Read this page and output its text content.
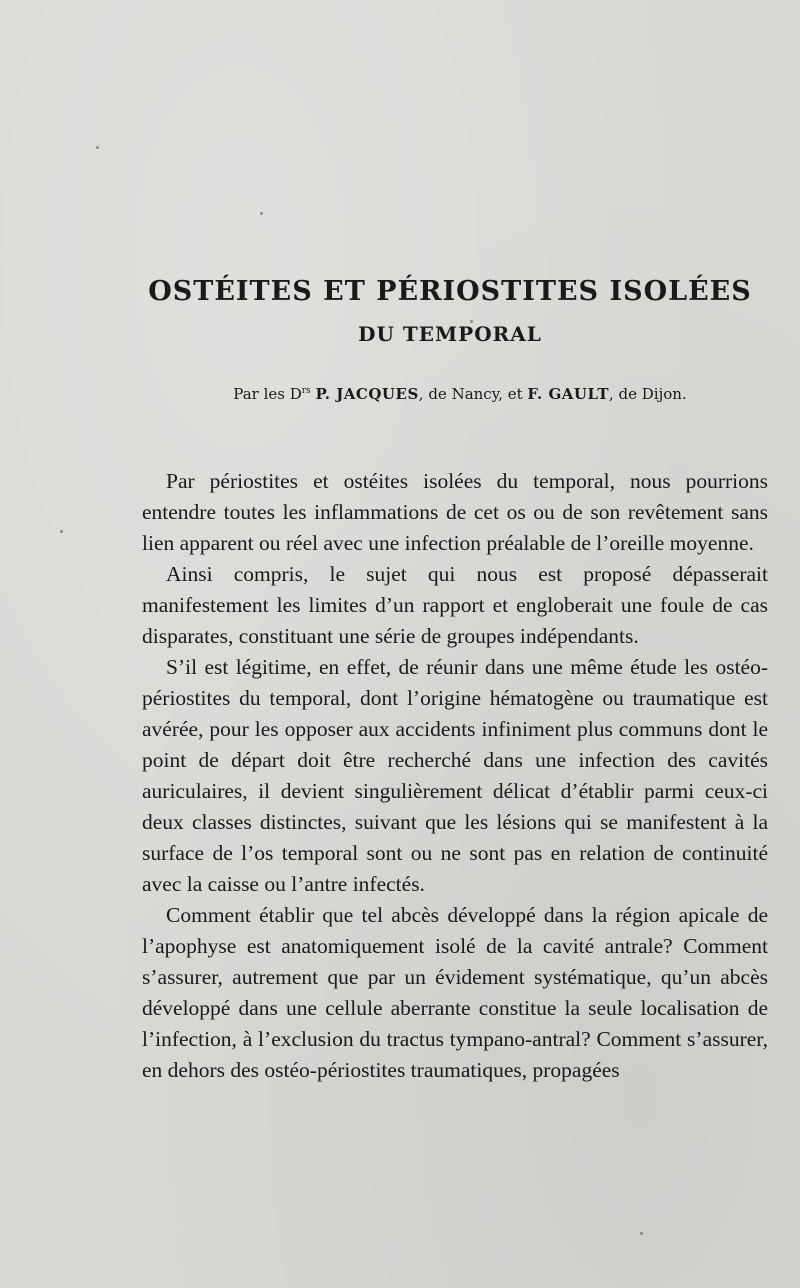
OSTÉITES ET PÉRIOSTITES ISOLÉES
DU TEMPORAL
Par les $D^{rs}$ P. JACQUES, de Nancy, et F. GAULT, de Dijon.

Par périostites et ostéites isolées du temporal, nous pourrions entendre toutes les inflammations de cet os ou de son revêtement sans lien apparent ou réel avec une infection préalable de l’oreille moyenne.

Ainsi compris, le sujet qui nous est proposé dépasserait manifestement les limites d’un rapport et engloberait une foule de cas disparates, constituant une série de groupes indépendants.

S’il est légitime, en effet, de réunir dans une même étude les ostéo-périostites du temporal, dont l’origine hématogène ou traumatique est avérée, pour les opposer aux accidents infiniment plus communs dont le point de départ doit être recherché dans une infection des cavités auriculaires, il devient singulièrement délicat d’établir parmi ceux-ci deux classes distinctes, suivant que les lésions qui se manifestent à la surface de l’os temporal sont ou ne sont pas en relation de continuité avec la caisse ou l’antre infectés.

Comment établir que tel abcès développé dans la région apicale de l’apophyse est anatomiquement isolé de la cavité antrale? Comment s’assurer, autrement que par un évidement systématique, qu’un abcès développé dans une cellule aberrante constitue la seule localisation de l’infection, à l’exclusion du tractus tympano-antral? Comment s’assurer, en dehors des ostéo-périostites traumatiques, propagées
